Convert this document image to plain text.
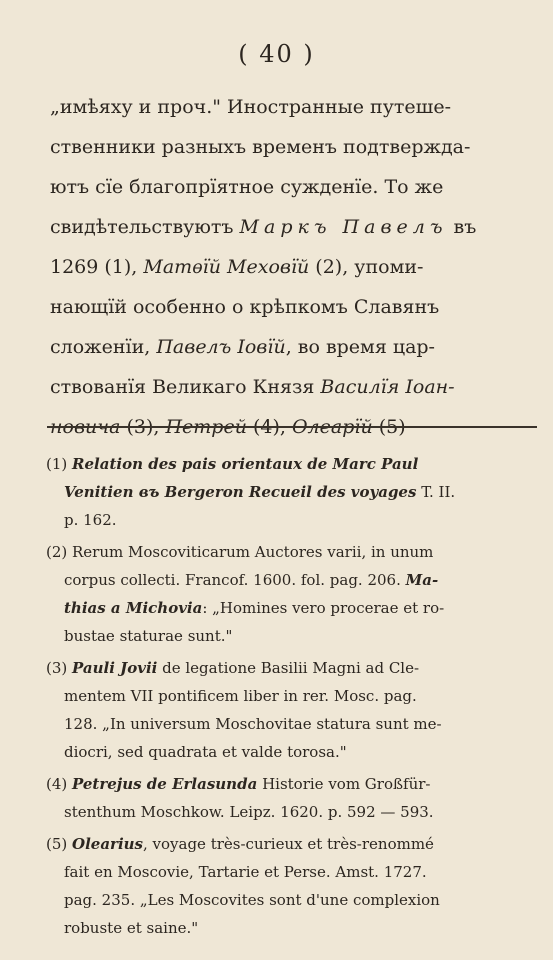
( 40 )
„имѣяху и проч." Иностранные путеше-
ственники разныхъ временъ подтвержда-
ютъ сїе благопрїятное сужденїе. То же
свидѣтельствуютъ Маркъ Павелъ въ
1269 (1), Матѳїй Меховїй (2), упоми-
нающїй особенно о крѣпкомъ Славянъ
сложенїи, Павелъ Іовїй, во время цар-
ствованїя Великаго Князя Василїя Іоан-
новича (3), Петрей (4), Олеарїй (5)
(1) Relation des pais orientaux de Marc Paul
Venitien въ Bergeron Recueil des voyages T. II.
p. 162.
(2) Rerum Moscoviticarum Auctores varii, in unum
corpus collecti. Francof. 1600. fol. pag. 206. Ma-
thias a Michovia: „Homines vero procerae et ro-
bustae staturae sunt."
(3) Pauli Jovii de legatione Basilii Magni ad Cle-
mentem VII pontificem liber in rer. Mosc. pag.
128. „In universum Moschovitae statura sunt me-
diocri, sed quadrata et valde torosa."
(4) Petrejus de Erlasunda Historie vom Großfür-
stenthum Moschkow. Leipz. 1620. p. 592 — 593.
(5) Olearius, voyage très-curieux et très-renommé
fait en Moscovie, Tartarie et Perse. Amst. 1727.
pag. 235. „Les Moscovites sont d'une complexion
robuste et saine."
